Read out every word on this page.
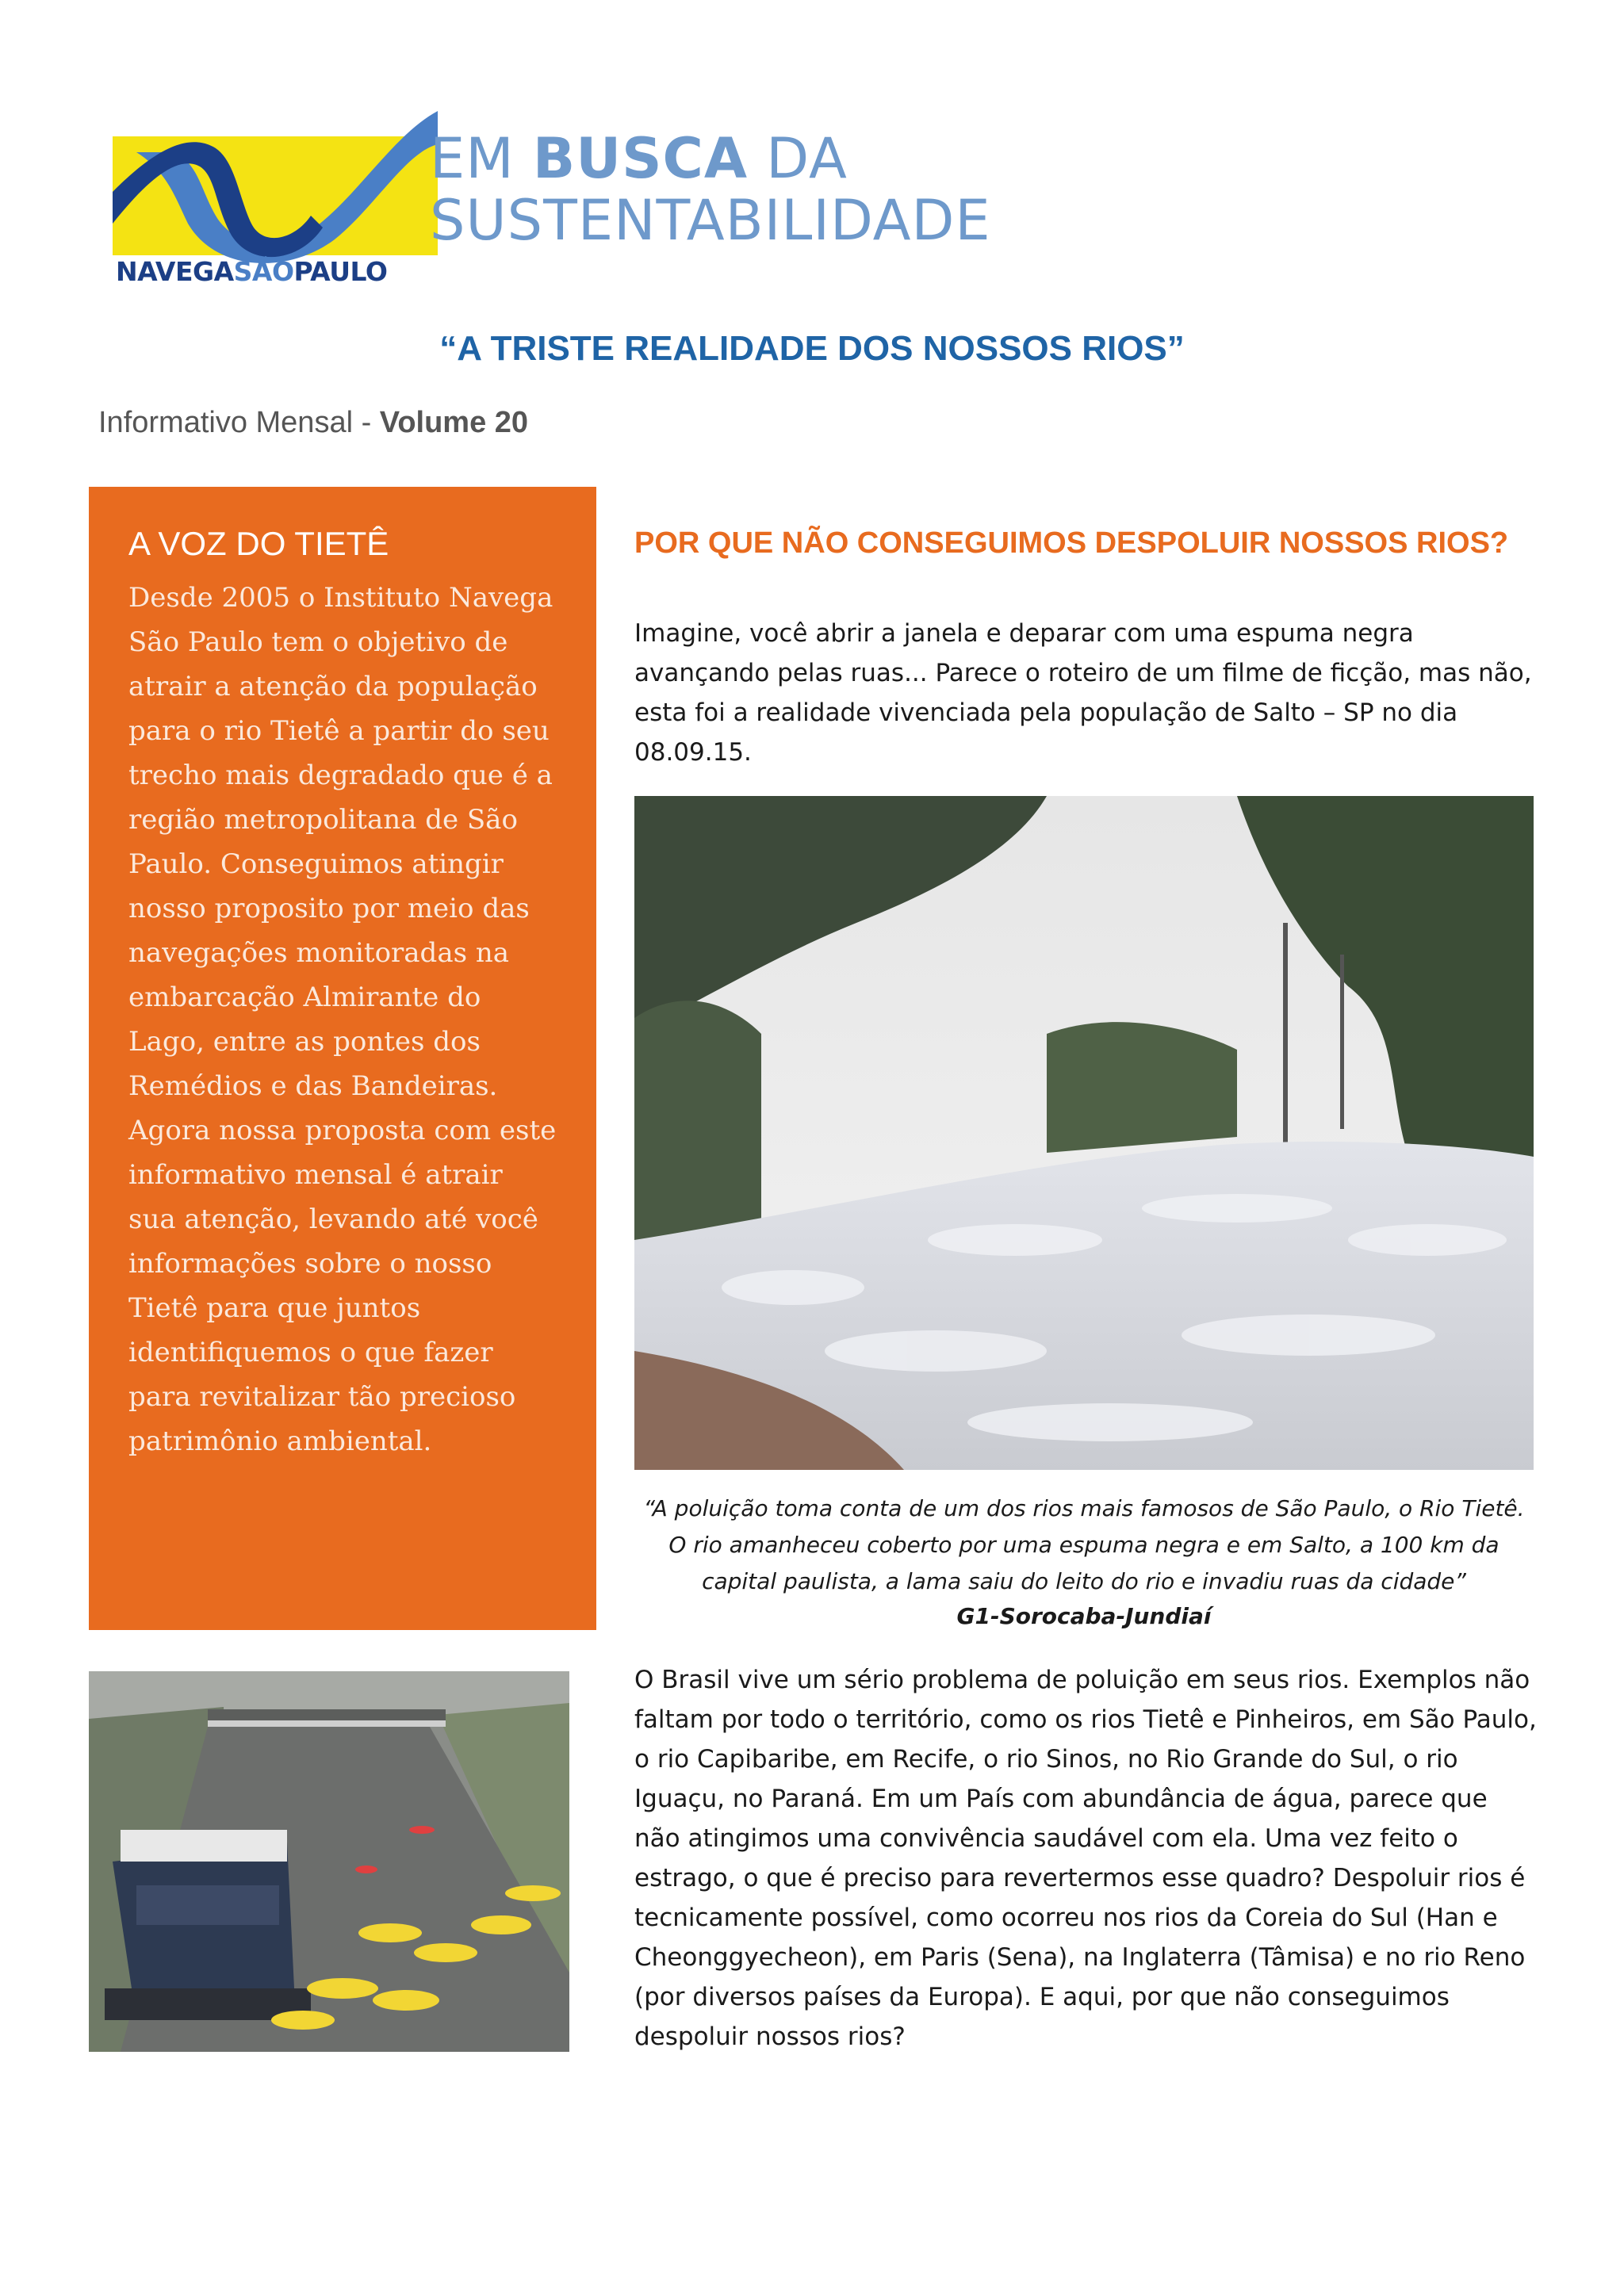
EM BUSCA DA
SUSTENTABILIDADE
NAVEGASÃOPAULO
“A TRISTE REALIDADE DOS NOSSOS RIOS”

Informativo Mensal - Volume 20

A VOZ DO TIETÊ

Desde 2005 o Instituto Navega São Paulo tem o objetivo de atrair a atenção da população para o rio Tietê a partir do seu trecho mais degradado que é a região metropolitana de São Paulo. Conseguimos atingir nosso proposito por meio das navegações monitoradas na embarcação Almirante do Lago, entre as pontes dos Remédios e das Bandeiras. Agora nossa proposta com este informativo mensal é atrair sua atenção, levando até você informações sobre o nosso Tietê para que juntos identifiquemos o que fazer para revitalizar tão precioso patrimônio ambiental.

POR QUE NÃO CONSEGUIMOS DESPOLUIR NOSSOS RIOS?

Imagine, você abrir a janela e deparar com uma espuma negra avançando pelas ruas... Parece o roteiro de um filme de ficção, mas não, esta foi a realidade vivenciada pela população de Salto – SP no dia 08.09.15.

“A poluição toma conta de um dos rios mais famosos de São Paulo, o Rio Tietê. O rio amanheceu coberto por uma espuma negra e em Salto, a 100 km da capital paulista, a lama saiu do leito do rio e invadiu ruas da cidade”

G1-Sorocaba-Jundiaí

O Brasil vive um sério problema de poluição em seus rios. Exemplos não faltam por todo o território, como os rios Tietê e Pinheiros, em São Paulo, o rio Capibaribe, em Recife, o rio Sinos, no Rio Grande do Sul, o rio Iguaçu, no Paraná. Em um País com abundância de água, parece que não atingimos uma convivência saudável com ela. Uma vez feito o estrago, o que é preciso para revertermos esse quadro? Despoluir rios é tecnicamente possível, como ocorreu nos rios da Coreia do Sul (Han e Cheonggyecheon), em Paris (Sena), na Inglaterra (Tâmisa) e no rio Reno (por diversos países da Europa). E aqui, por que não conseguimos despoluir nossos rios?
